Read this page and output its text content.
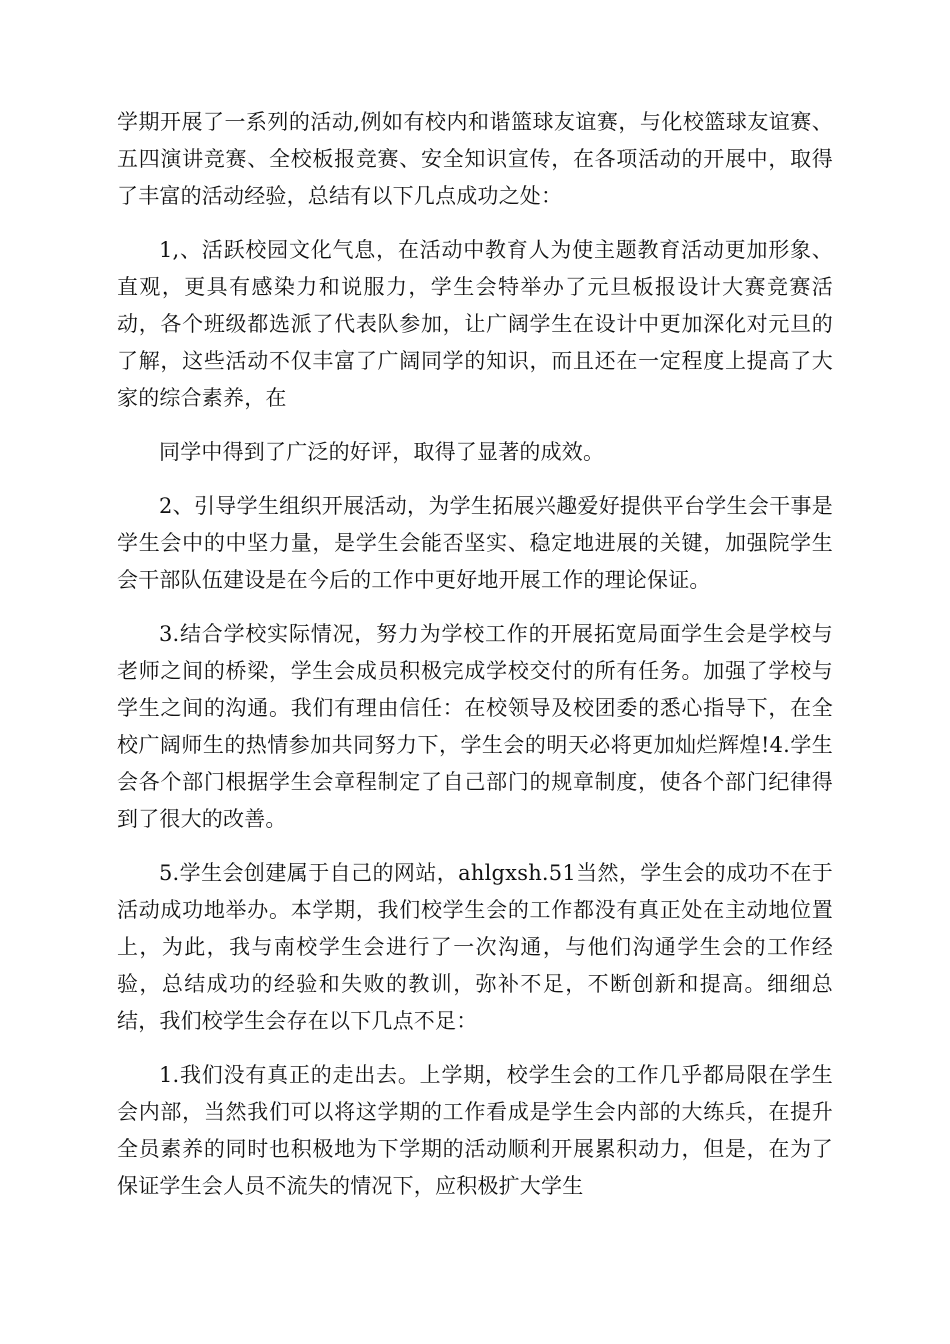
学期开展了一系列的活动,例如有校内和谐篮球友谊赛，与化校篮球友谊赛、五四演讲竞赛、全校板报竞赛、安全知识宣传，在各项活动的开展中，取得了丰富的活动经验，总结有以下几点成功之处：

1,、活跃校园文化气息，在活动中教育人为使主题教育活动更加形象、直观，更具有感染力和说服力，学生会特举办了元旦板报设计大赛竞赛活动，各个班级都选派了代表队参加，让广阔学生在设计中更加深化对元旦的了解，这些活动不仅丰富了广阔同学的知识，而且还在一定程度上提高了大家的综合素养，在

同学中得到了广泛的好评，取得了显著的成效。

2、引导学生组织开展活动，为学生拓展兴趣爱好提供平台学生会干事是学生会中的中坚力量，是学生会能否坚实、稳定地进展的关键，加强院学生会干部队伍建设是在今后的工作中更好地开展工作的理论保证。

3.结合学校实际情况，努力为学校工作的开展拓宽局面学生会是学校与老师之间的桥梁，学生会成员积极完成学校交付的所有任务。加强了学校与学生之间的沟通。我们有理由信任：在校领导及校团委的悉心指导下，在全校广阔师生的热情参加共同努力下，学生会的明天必将更加灿烂辉煌!4.学生会各个部门根据学生会章程制定了自己部门的规章制度，使各个部门纪律得到了很大的改善。

5.学生会创建属于自己的网站，ahlgxsh.51当然，学生会的成功不在于活动成功地举办。本学期，我们校学生会的工作都没有真正处在主动地位置上，为此，我与南校学生会进行了一次沟通，与他们沟通学生会的工作经验，总结成功的经验和失败的教训，弥补不足，不断创新和提高。细细总结，我们校学生会存在以下几点不足：

1.我们没有真正的走出去。上学期，校学生会的工作几乎都局限在学生会内部，当然我们可以将这学期的工作看成是学生会内部的大练兵，在提升全员素养的同时也积极地为下学期的活动顺利开展累积动力，但是，在为了保证学生会人员不流失的情况下，应积极扩大学生
